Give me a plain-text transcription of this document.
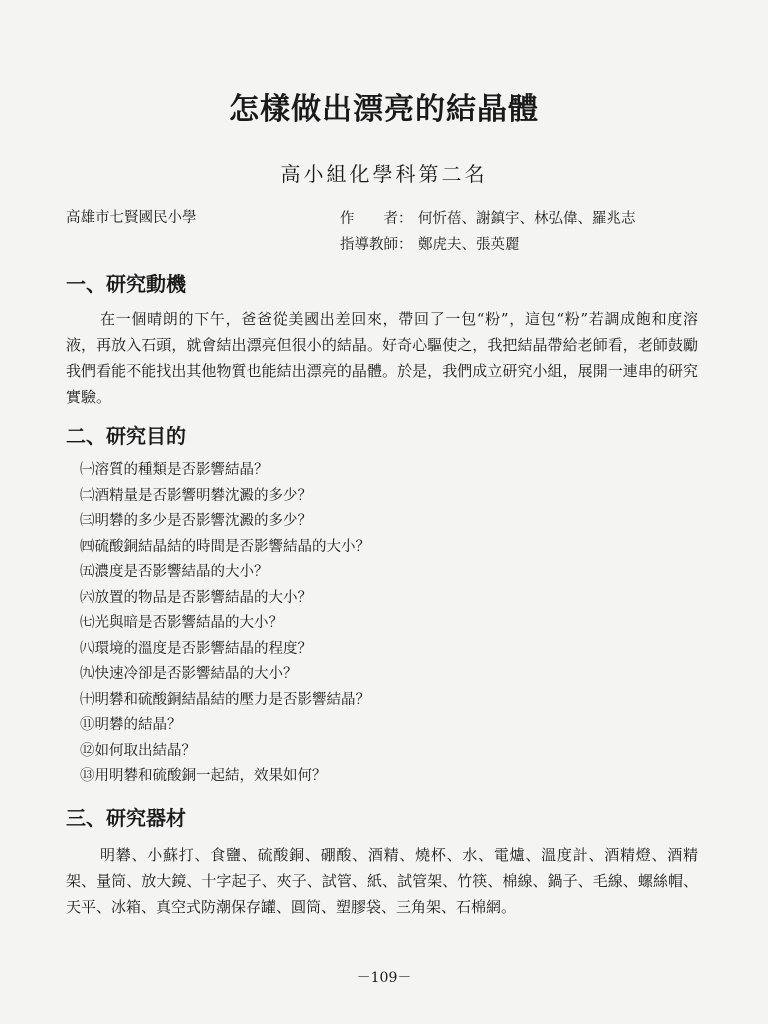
怎樣做出漂亮的結晶體
高小組化學科第二名
高雄市七賢國民小學	作　　者： 何忻蓓、謝鎮宇、林弘偉、羅兆志
指導教師： 鄭虎夫、張英麗
一、研究動機
在一個晴朗的下午，爸爸從美國出差回來，帶回了一包“粉”，這包“粉”若調成飽和度溶液，再放入石頭，就會結出漂亮但很小的結晶。好奇心驅使之，我把結晶帶給老師看，老師鼓勵我們看能不能找出其他物質也能結出漂亮的晶體。於是，我們成立研究小組，展開一連串的研究實驗。
二、研究目的
㈠溶質的種類是否影響結晶？
㈡酒精量是否影響明礬沈澱的多少？
㈢明礬的多少是否影響沈澱的多少？
㈣硫酸銅結晶結的時間是否影響結晶的大小？
㈤濃度是否影響結晶的大小？
㈥放置的物品是否影響結晶的大小？
㈦光與暗是否影響結晶的大小？
㈧環境的溫度是否影響結晶的程度？
㈨快速冷卻是否影響結晶的大小？
㈩明礬和硫酸銅結晶結的壓力是否影響結晶？
⑪明礬的結晶？
⑫如何取出結晶？
⑬用明礬和硫酸銅一起結，效果如何？
三、研究器材
明礬、小蘇打、食鹽、硫酸銅、硼酸、酒精、燒杯、水、電爐、溫度計、酒精燈、酒精架、量筒、放大鏡、十字起子、夾子、試管、紙、試管架、竹筷、棉線、鍋子、毛線、螺絲帽、天平、冰箱、真空式防潮保存罐、圓筒、塑膠袋、三角架、石棉網。
－109－
